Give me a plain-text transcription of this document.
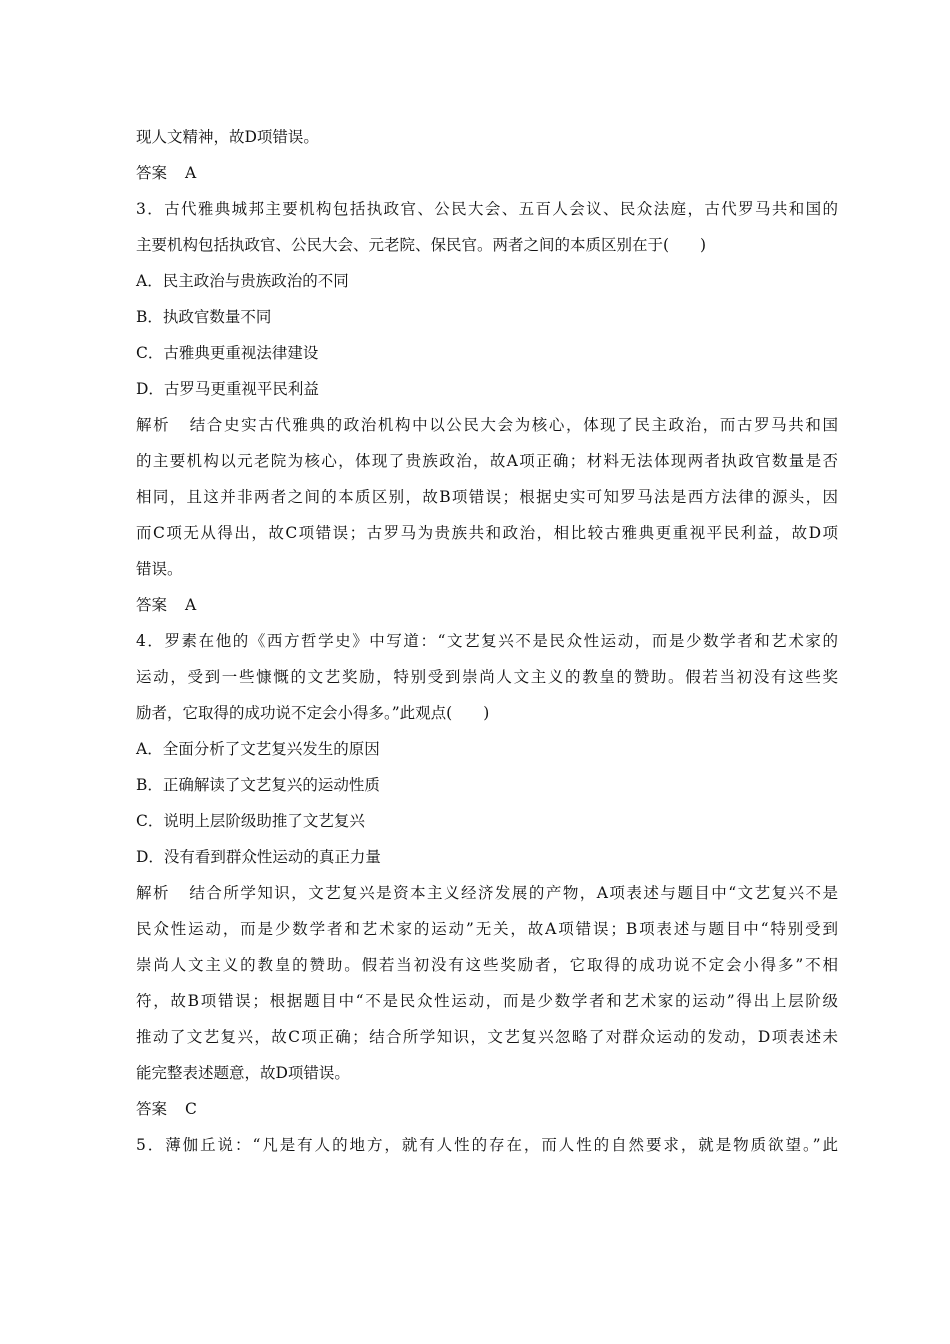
现人文精神，故D项错误。
答案 A
3．古代雅典城邦主要机构包括执政官、公民大会、五百人会议、民众法庭，古代罗马共和国的
主要机构包括执政官、公民大会、元老院、保民官。两者之间的本质区别在于(　　)
A．民主政治与贵族政治的不同
B．执政官数量不同
C．古雅典更重视法律建设
D．古罗马更重视平民利益
解析 结合史实古代雅典的政治机构中以公民大会为核心，体现了民主政治，而古罗马共和国
的主要机构以元老院为核心，体现了贵族政治，故A项正确；材料无法体现两者执政官数量是否
相同，且这并非两者之间的本质区别，故B项错误；根据史实可知罗马法是西方法律的源头，因
而C项无从得出，故C项错误；古罗马为贵族共和政治，相比较古雅典更重视平民利益，故D项
错误。
答案 A
4．罗素在他的《西方哲学史》中写道：“文艺复兴不是民众性运动，而是少数学者和艺术家的
运动，受到一些慷慨的文艺奖励，特别受到崇尚人文主义的教皇的赞助。假若当初没有这些奖
励者，它取得的成功说不定会小得多。”此观点(　　)
A．全面分析了文艺复兴发生的原因
B．正确解读了文艺复兴的运动性质
C．说明上层阶级助推了文艺复兴
D．没有看到群众性运动的真正力量
解析 结合所学知识，文艺复兴是资本主义经济发展的产物，A项表述与题目中“文艺复兴不是
民众性运动，而是少数学者和艺术家的运动”无关，故A项错误；B项表述与题目中“特别受到
崇尚人文主义的教皇的赞助。假若当初没有这些奖励者，它取得的成功说不定会小得多”不相
符，故B项错误；根据题目中“不是民众性运动，而是少数学者和艺术家的运动”得出上层阶级
推动了文艺复兴，故C项正确；结合所学知识，文艺复兴忽略了对群众运动的发动，D项表述未
能完整表述题意，故D项错误。
答案 C
5．薄伽丘说：“凡是有人的地方，就有人性的存在，而人性的自然要求，就是物质欲望。”此
